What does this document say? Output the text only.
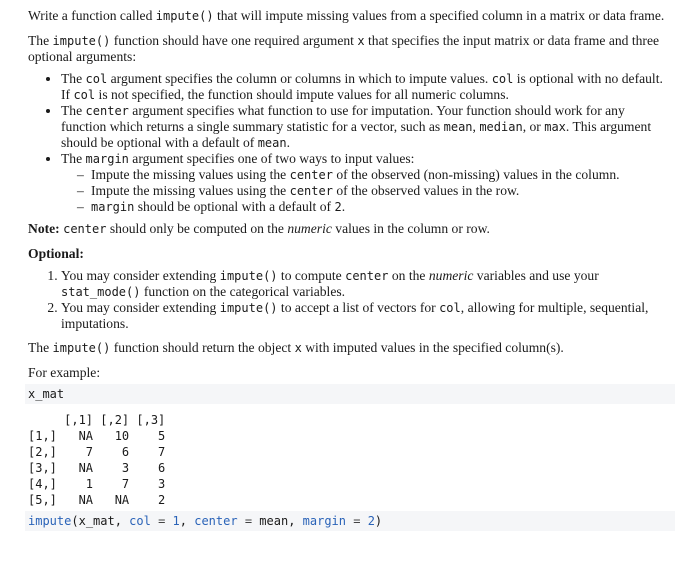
Write a function called impute() that will impute missing values from a specified column in a matrix or data frame.

The impute() function should have one required argument x that specifies the input matrix or data frame and three optional arguments:

• The col argument specifies the column or columns in which to impute values. col is optional with no default. If col is not specified, the function should impute values for all numeric columns.
• The center argument specifies what function to use for imputation. Your function should work for any function which returns a single summary statistic for a vector, such as mean, median, or max. This argument should be optional with a default of mean.
• The margin argument specifies one of two ways to input values:
– Impute the missing values using the center of the observed (non-missing) values in the column.
– Impute the missing values using the center of the observed values in the row.
– margin should be optional with a default of 2.

Note: center should only be computed on the numeric values in the column or row.

Optional:

1. You may consider extending impute() to compute center on the numeric variables and use your stat_mode() function on the categorical variables.
2. You may consider extending impute() to accept a list of vectors for col, allowing for multiple, sequential, imputations.

The impute() function should return the object x with imputed values in the specified column(s).

For example:

x_mat
[,1] [,2] [,3]
[1,]   NA   10    5
[2,]    7    6    7
[3,]   NA    3    6
[4,]    1    7    3
[5,]   NA   NA    2
impute(x_mat, col = 1, center = mean, margin = 2)
